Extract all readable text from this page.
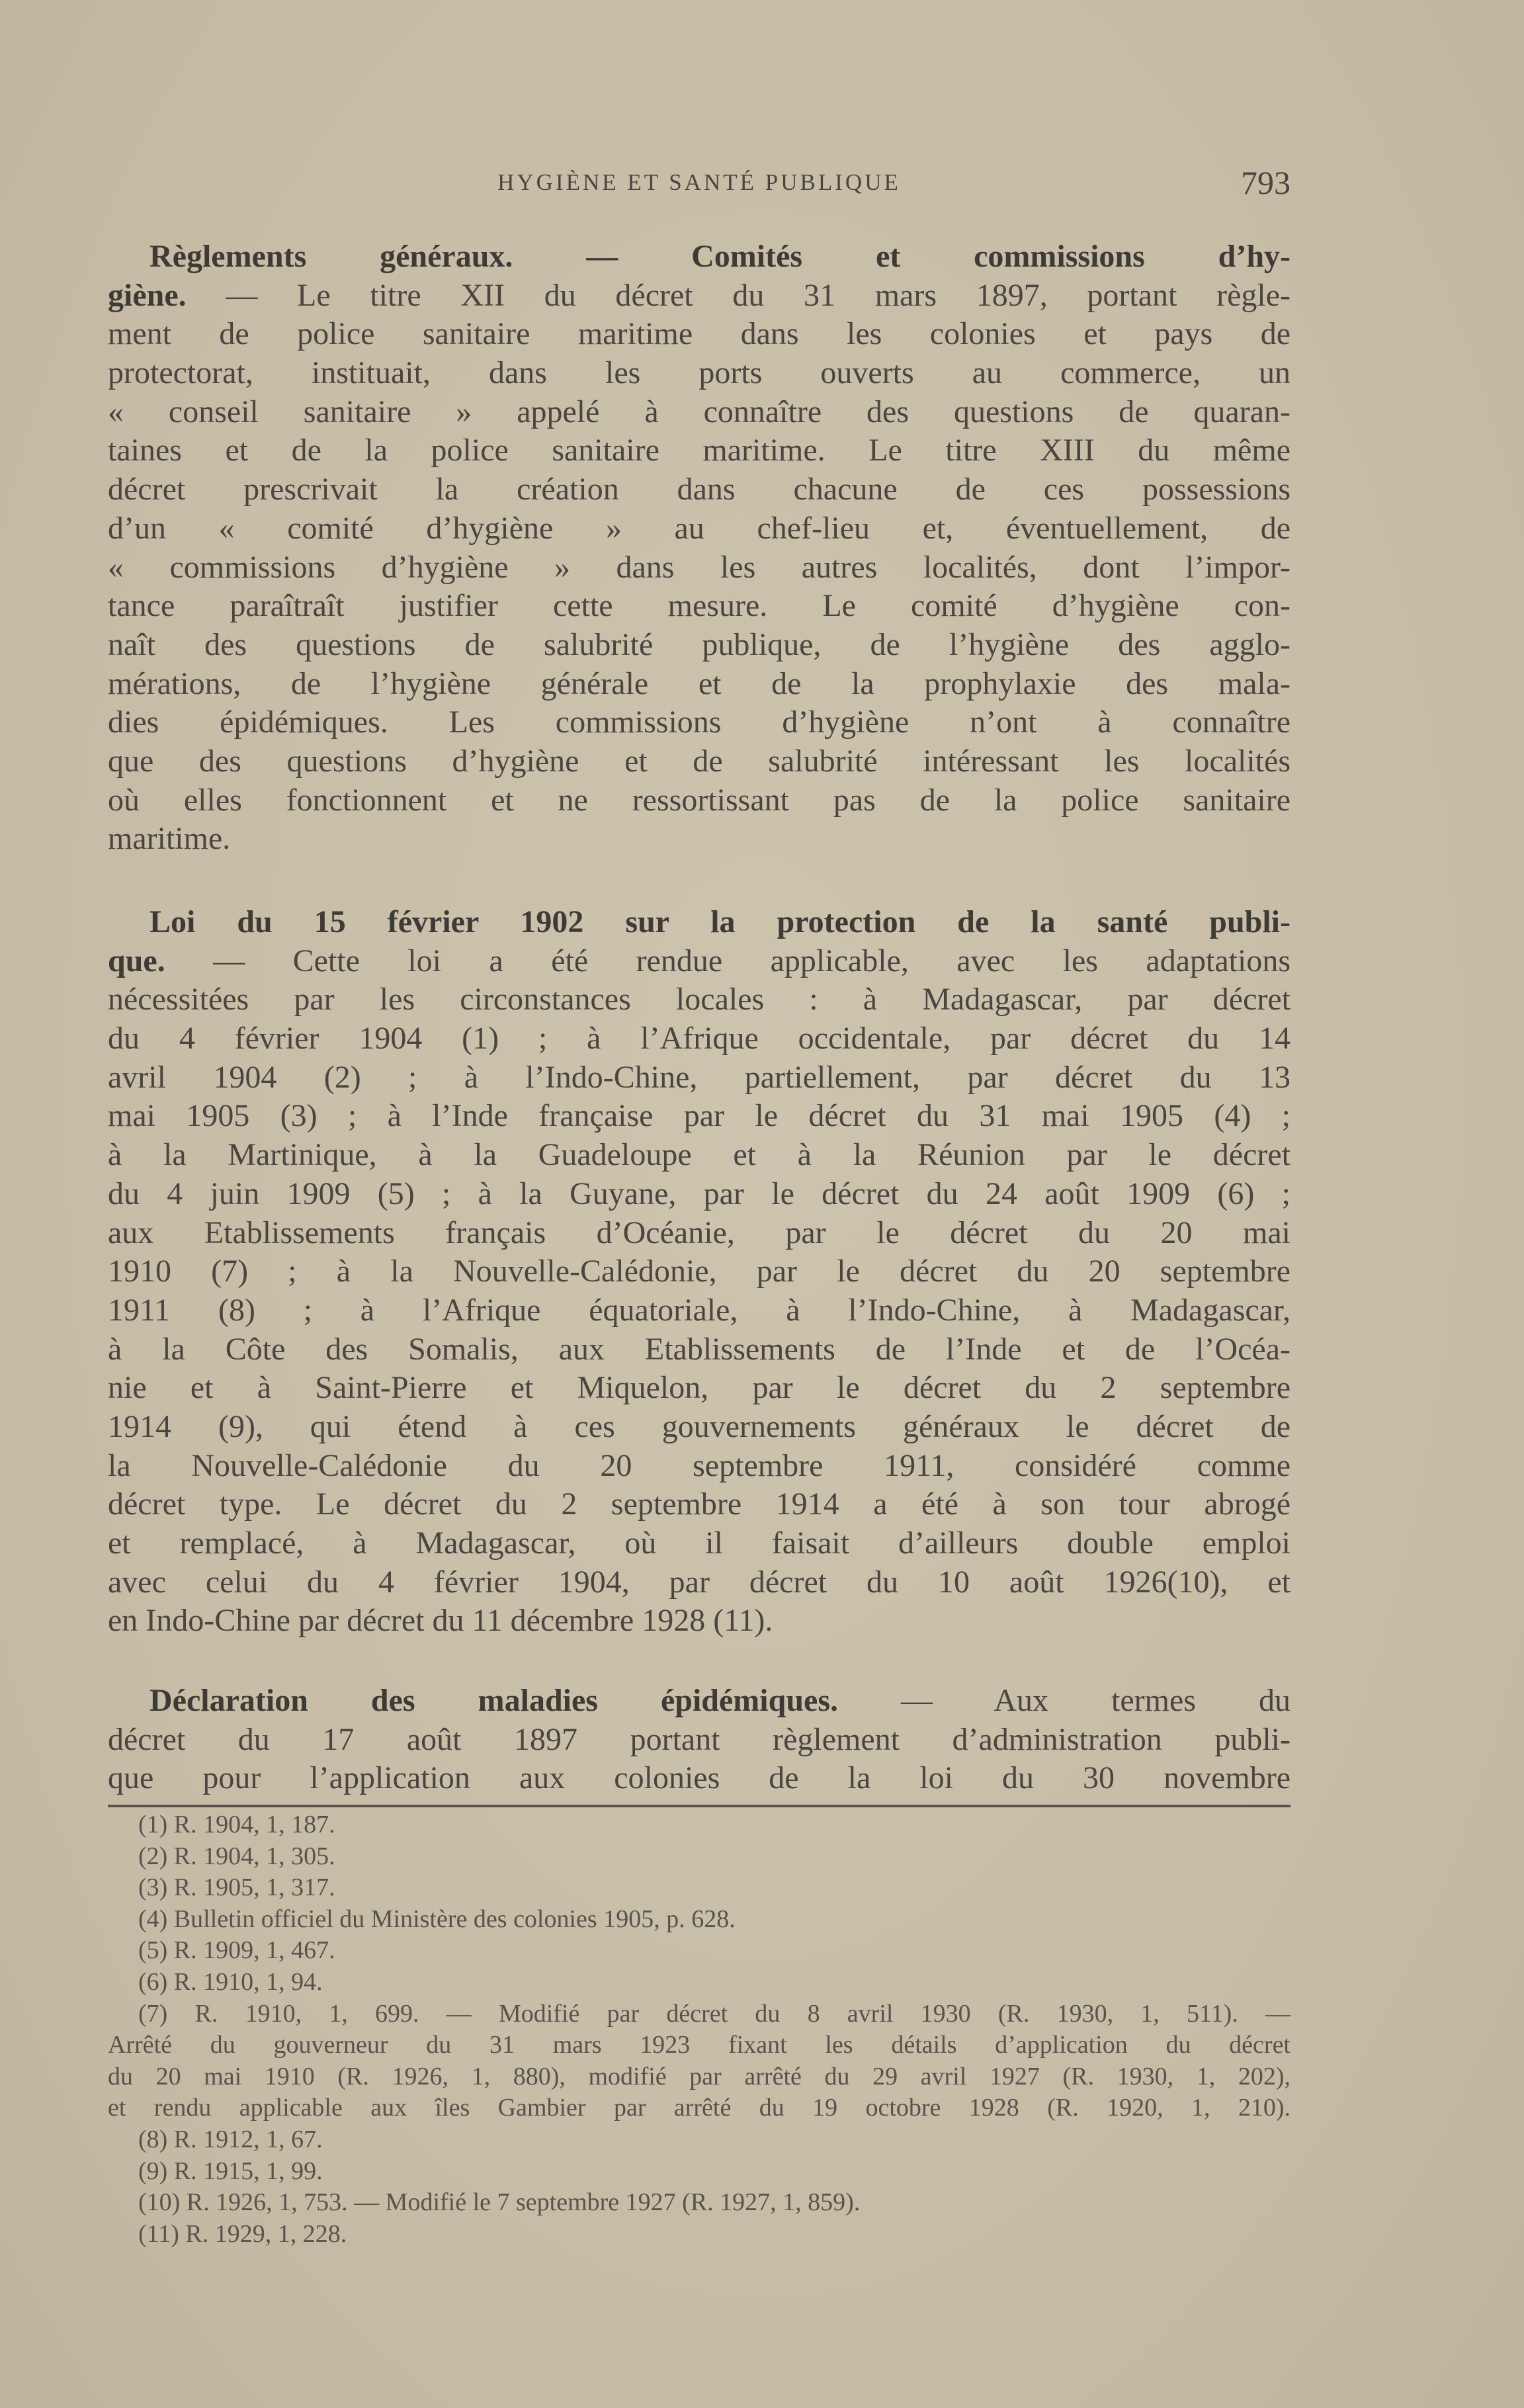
HYGIÈNE ET SANTÉ PUBLIQUE	793
Règlements généraux. — Comités et commissions d’hy-
giène. — Le titre XII du décret du 31 mars 1897, portant règle-
ment de police sanitaire maritime dans les colonies et pays de
protectorat, instituait, dans les ports ouverts au commerce, un
« conseil sanitaire » appelé à connaître des questions de quaran-
taines et de la police sanitaire maritime. Le titre XIII du même
décret prescrivait la création dans chacune de ces possessions
d’un « comité d’hygiène » au chef-lieu et, éventuellement, de
« commissions d’hygiène » dans les autres localités, dont l’impor-
tance paraîtraît justifier cette mesure. Le comité d’hygiène con-
naît des questions de salubrité publique, de l’hygiène des agglo-
mérations, de l’hygiène générale et de la prophylaxie des mala-
dies épidémiques. Les commissions d’hygiène n’ont à connaître
que des questions d’hygiène et de salubrité intéressant les localités
où elles fonctionnent et ne ressortissant pas de la police sanitaire
maritime.
Loi du 15 février 1902 sur la protection de la santé publi-
que. — Cette loi a été rendue applicable, avec les adaptations
nécessitées par les circonstances locales : à Madagascar, par décret
du 4 février 1904 (1) ; à l’Afrique occidentale, par décret du 14
avril 1904 (2) ; à l’Indo-Chine, partiellement, par décret du 13
mai 1905 (3) ; à l’Inde française par le décret du 31 mai 1905 (4) ;
à la Martinique, à la Guadeloupe et à la Réunion par le décret
du 4 juin 1909 (5) ; à la Guyane, par le décret du 24 août 1909 (6) ;
aux Etablissements français d’Océanie, par le décret du 20 mai
1910 (7) ; à la Nouvelle-Calédonie, par le décret du 20 septembre
1911 (8) ; à l’Afrique équatoriale, à l’Indo-Chine, à Madagascar,
à la Côte des Somalis, aux Etablissements de l’Inde et de l’Océa-
nie et à Saint-Pierre et Miquelon, par le décret du 2 septembre
1914 (9), qui étend à ces gouvernements généraux le décret de
la Nouvelle-Calédonie du 20 septembre 1911, considéré comme
décret type. Le décret du 2 septembre 1914 a été à son tour abrogé
et remplacé, à Madagascar, où il faisait d’ailleurs double emploi
avec celui du 4 février 1904, par décret du 10 août 1926(10), et
en Indo-Chine par décret du 11 décembre 1928 (11).
Déclaration des maladies épidémiques. — Aux termes du
décret du 17 août 1897 portant règlement d’administration publi-
que pour l’application aux colonies de la loi du 30 novembre
(1) R. 1904, 1, 187.
(2) R. 1904, 1, 305.
(3) R. 1905, 1, 317.
(4) Bulletin officiel du Ministère des colonies 1905, p. 628.
(5) R. 1909, 1, 467.
(6) R. 1910, 1, 94.
(7) R. 1910, 1, 699. — Modifié par décret du 8 avril 1930 (R. 1930, 1, 511). —
Arrêté du gouverneur du 31 mars 1923 fixant les détails d’application du décret
du 20 mai 1910 (R. 1926, 1, 880), modifié par arrêté du 29 avril 1927 (R. 1930, 1, 202),
et rendu applicable aux îles Gambier par arrêté du 19 octobre 1928 (R. 1920, 1, 210).
(8) R. 1912, 1, 67.
(9) R. 1915, 1, 99.
(10) R. 1926, 1, 753. — Modifié le 7 septembre 1927 (R. 1927, 1, 859).
(11) R. 1929, 1, 228.
